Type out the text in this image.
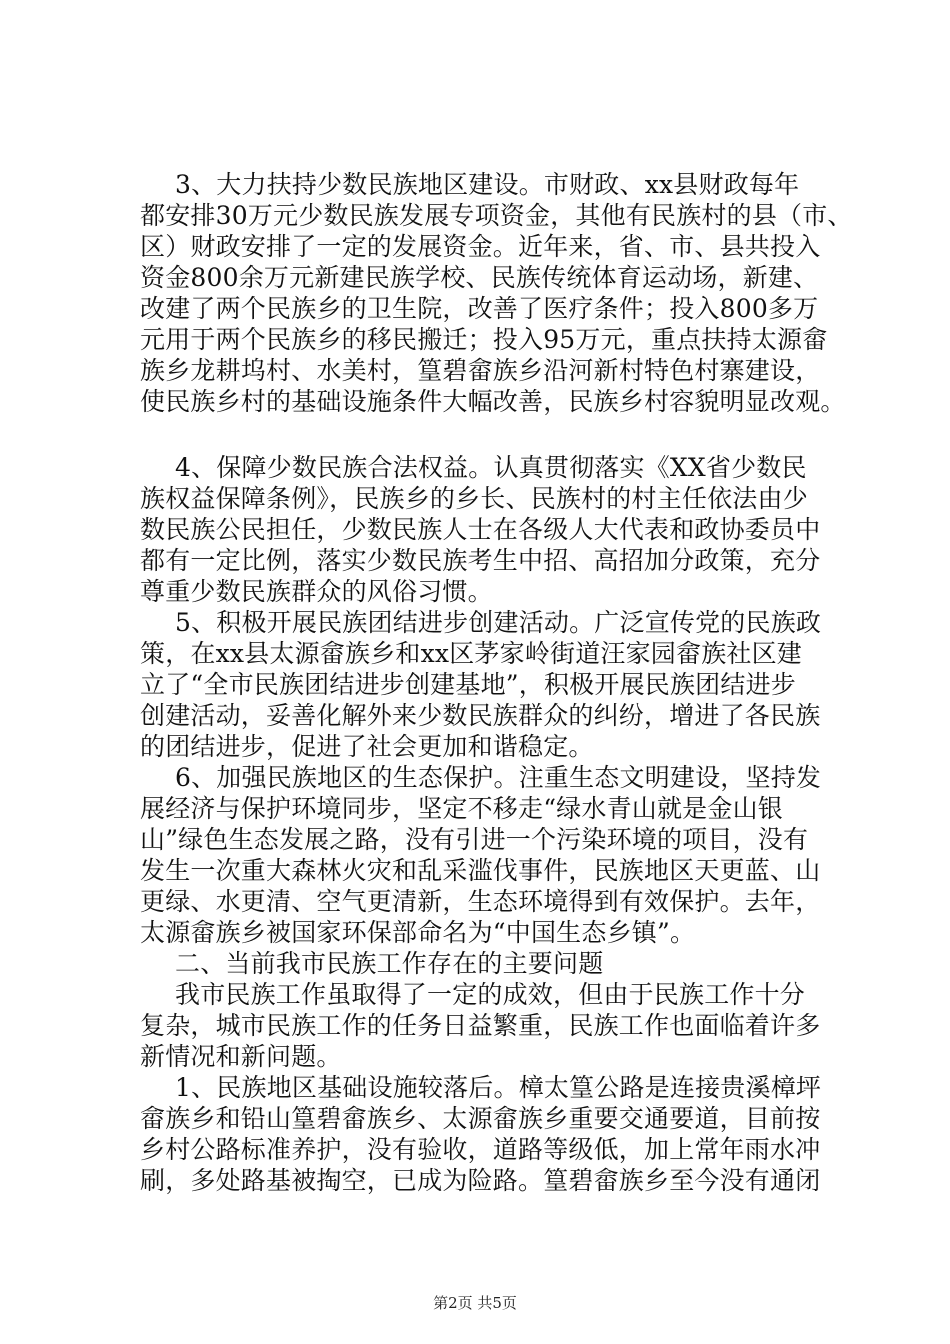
3、大力扶持少数民族地区建设。市财政、xx县财政每年
都安排30万元少数民族发展专项资金，其他有民族村的县（市、
区）财政安排了一定的发展资金。近年来，省、市、县共投入
资金800余万元新建民族学校、民族传统体育运动场，新建、
改建了两个民族乡的卫生院，改善了医疗条件；投入800多万
元用于两个民族乡的移民搬迁；投入95万元，重点扶持太源畲
族乡龙耕坞村、水美村，篁碧畲族乡沿河新村特色村寨建设，
使民族乡村的基础设施条件大幅改善，民族乡村容貌明显改观。
4、保障少数民族合法权益。认真贯彻落实《XX省少数民
族权益保障条例》，民族乡的乡长、民族村的村主任依法由少
数民族公民担任，少数民族人士在各级人大代表和政协委员中
都有一定比例，落实少数民族考生中招、高招加分政策，充分
尊重少数民族群众的风俗习惯。
5、积极开展民族团结进步创建活动。广泛宣传党的民族政
策，在xx县太源畲族乡和xx区茅家岭街道汪家园畲族社区建
立了“全市民族团结进步创建基地”，积极开展民族团结进步
创建活动，妥善化解外来少数民族群众的纠纷，增进了各民族
的团结进步，促进了社会更加和谐稳定。
6、加强民族地区的生态保护。注重生态文明建设，坚持发
展经济与保护环境同步，坚定不移走“绿水青山就是金山银
山”绿色生态发展之路，没有引进一个污染环境的项目，没有
发生一次重大森林火灾和乱采滥伐事件，民族地区天更蓝、山
更绿、水更清、空气更清新，生态环境得到有效保护。去年，
太源畲族乡被国家环保部命名为“中国生态乡镇”。
二、当前我市民族工作存在的主要问题
我市民族工作虽取得了一定的成效，但由于民族工作十分
复杂，城市民族工作的任务日益繁重，民族工作也面临着许多
新情况和新问题。
1、民族地区基础设施较落后。樟太篁公路是连接贵溪樟坪
畲族乡和铅山篁碧畲族乡、太源畲族乡重要交通要道，目前按
乡村公路标准养护，没有验收，道路等级低，加上常年雨水冲
刷，多处路基被掏空，已成为险路。篁碧畲族乡至今没有通闭
第2页 共5页
